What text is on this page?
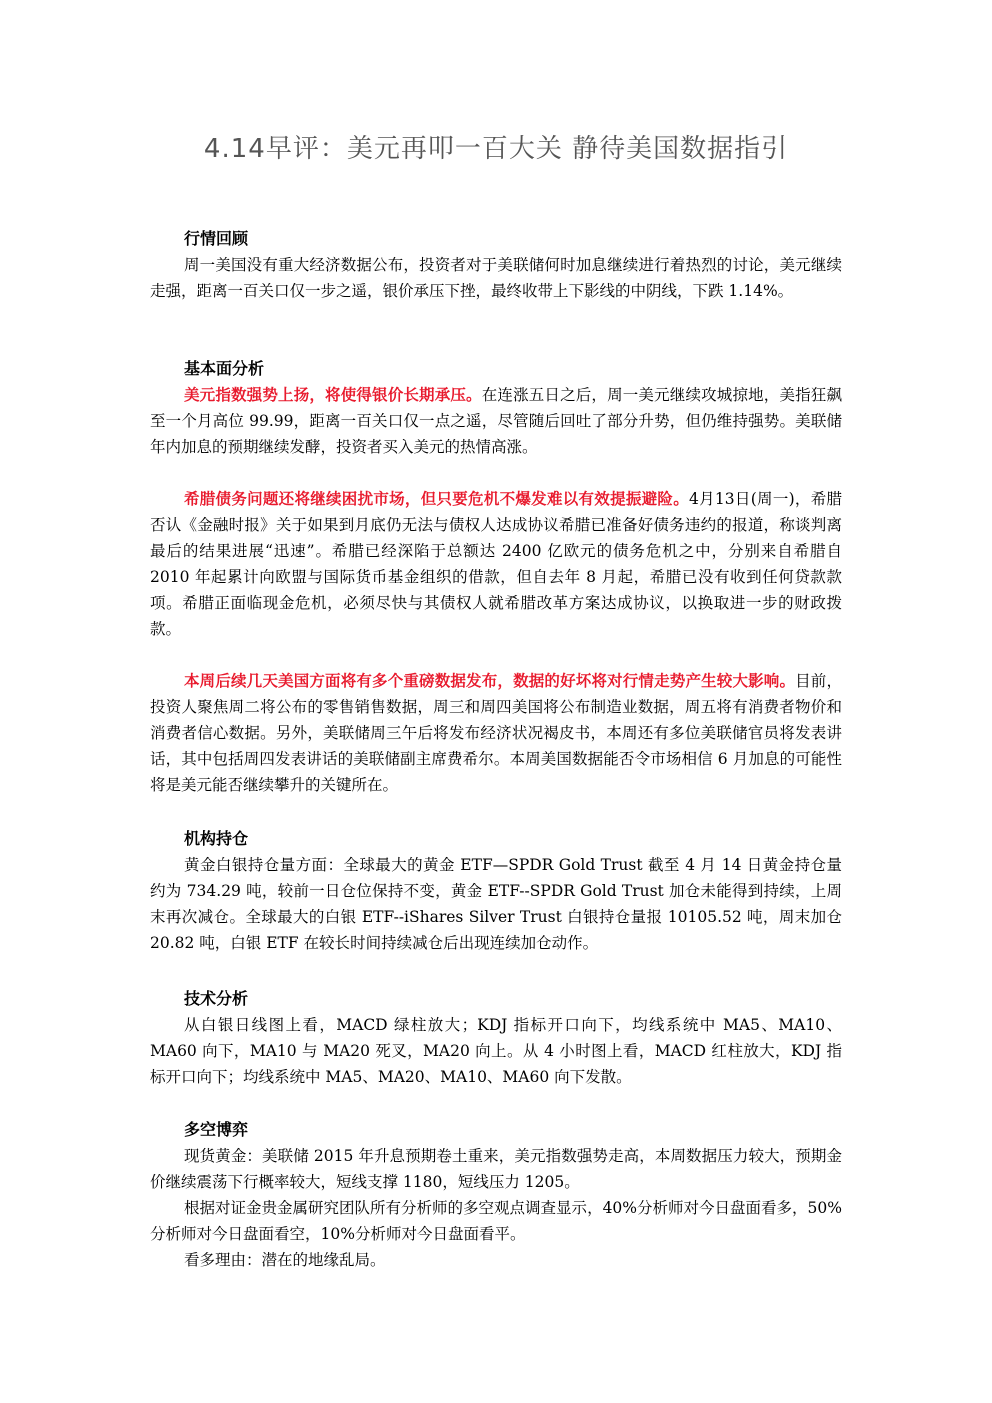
4.14早评：美元再叩一百大关 静待美国数据指引
行情回顾

周一美国没有重大经济数据公布，投资者对于美联储何时加息继续进行着热烈的讨论，美元继续走强，距离一百关口仅一步之遥，银价承压下挫，最终收带上下影线的中阴线，下跌 1.14%。

基本面分析

美元指数强势上扬，将使得银价长期承压。在连涨五日之后，周一美元继续攻城掠地，美指狂飙至一个月高位 99.99，距离一百关口仅一点之遥，尽管随后回吐了部分升势，但仍维持强势。美联储年内加息的预期继续发酵，投资者买入美元的热情高涨。

希腊债务问题还将继续困扰市场，但只要危机不爆发难以有效提振避险。4月13日(周一)，希腊否认《金融时报》关于如果到月底仍无法与债权人达成协议希腊已准备好债务违约的报道，称谈判离最后的结果进展“迅速”。希腊已经深陷于总额达 2400 亿欧元的债务危机之中，分别来自希腊自 2010 年起累计向欧盟与国际货币基金组织的借款，但自去年 8 月起，希腊已没有收到任何贷款款项。希腊正面临现金危机，必须尽快与其债权人就希腊改革方案达成协议，以换取进一步的财政拨款。

本周后续几天美国方面将有多个重磅数据发布，数据的好坏将对行情走势产生较大影响。目前，投资人聚焦周二将公布的零售销售数据，周三和周四美国将公布制造业数据，周五将有消费者物价和消费者信心数据。另外，美联储周三午后将发布经济状况褐皮书，本周还有多位美联储官员将发表讲话，其中包括周四发表讲话的美联储副主席费希尔。本周美国数据能否令市场相信 6 月加息的可能性将是美元能否继续攀升的关键所在。

机构持仓

黄金白银持仓量方面：全球最大的黄金 ETF—SPDR Gold Trust 截至 4 月 14 日黄金持仓量约为 734.29 吨，较前一日仓位保持不变，黄金 ETF--SPDR Gold Trust 加仓未能得到持续，上周末再次减仓。全球最大的白银 ETF--iShares Silver Trust 白银持仓量报 10105.52 吨，周末加仓 20.82 吨，白银 ETF 在较长时间持续减仓后出现连续加仓动作。

技术分析

从白银日线图上看，MACD 绿柱放大；KDJ 指标开口向下，均线系统中 MA5、MA10、MA60 向下，MA10 与 MA20 死叉，MA20 向上。从 4 小时图上看，MACD 红柱放大，KDJ 指标开口向下；均线系统中 MA5、MA20、MA10、MA60 向下发散。

多空博弈

现货黄金：美联储 2015 年升息预期卷土重来，美元指数强势走高，本周数据压力较大，预期金价继续震荡下行概率较大，短线支撑 1180，短线压力 1205。

根据对证金贵金属研究团队所有分析师的多空观点调查显示，40%分析师对今日盘面看多，50%分析师对今日盘面看空，10%分析师对今日盘面看平。

看多理由：潜在的地缘乱局。
